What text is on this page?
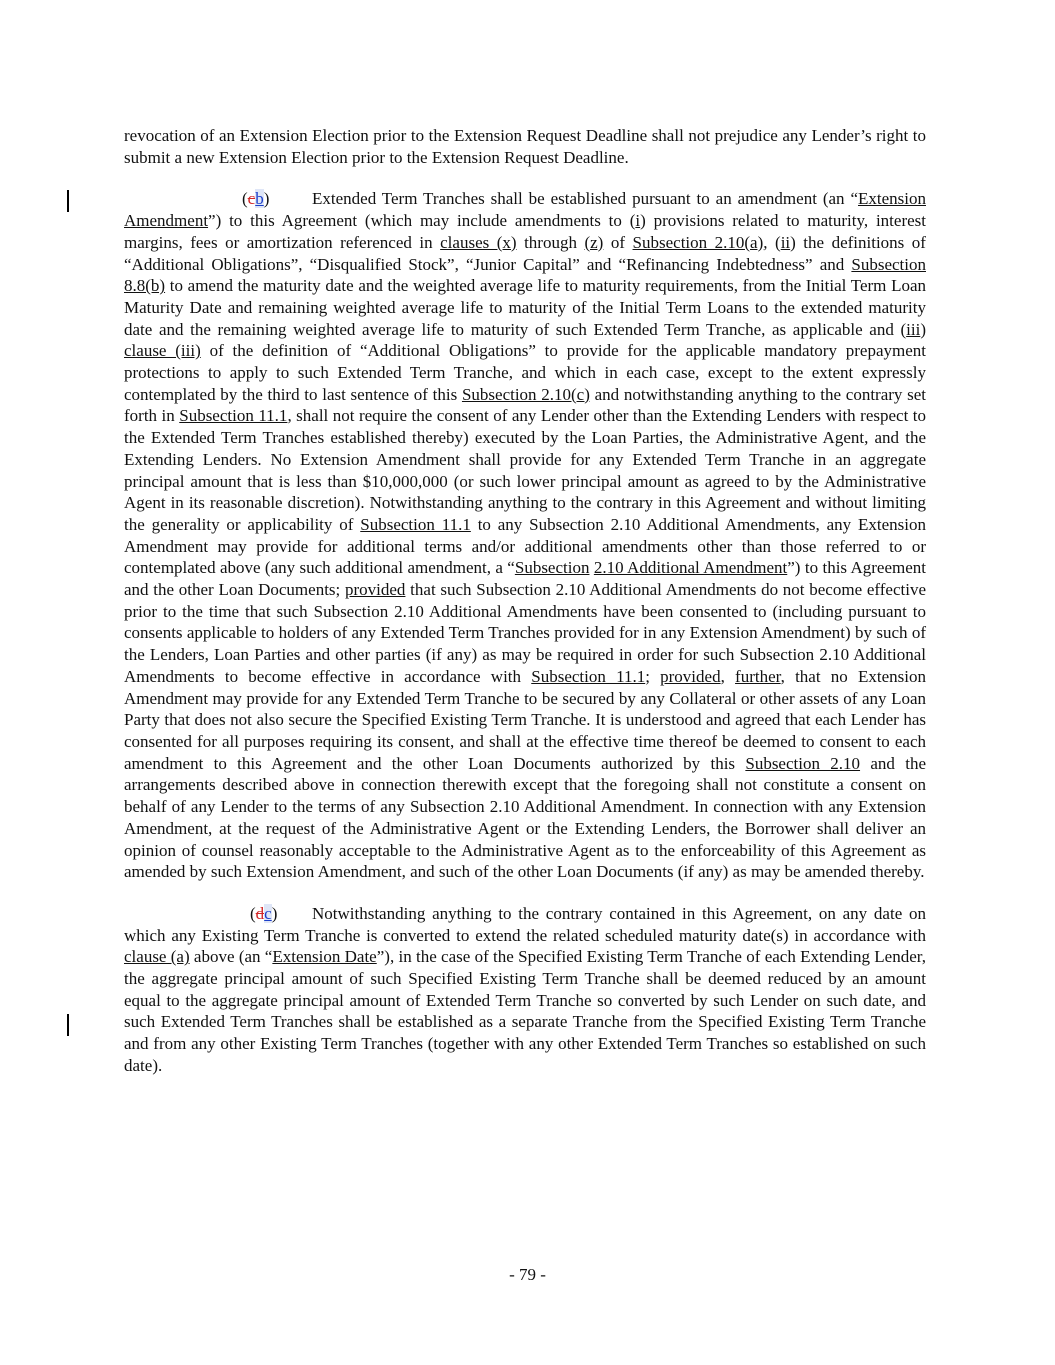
revocation of an Extension Election prior to the Extension Request Deadline shall not prejudice any Lender’s right to submit a new Extension Election prior to the Extension Request Deadline.

(cb)	Extended Term Tranches shall be established pursuant to an amendment (an “Extension Amendment”) to this Agreement (which may include amendments to (i) provisions related to maturity, interest margins, fees or amortization referenced in clauses (x) through (z) of Subsection 2.10(a), (ii) the definitions of “Additional Obligations”, “Disqualified Stock”, “Junior Capital” and “Refinancing Indebtedness” and Subsection 8.8(b) to amend the maturity date and the weighted average life to maturity requirements, from the Initial Term Loan Maturity Date and remaining weighted average life to maturity of the Initial Term Loans to the extended maturity date and the remaining weighted average life to maturity of such Extended Term Tranche, as applicable and (iii) clause (iii) of the definition of “Additional Obligations” to provide for the applicable mandatory prepayment protections to apply to such Extended Term Tranche, and which in each case, except to the extent expressly contemplated by the third to last sentence of this Subsection 2.10(c) and notwithstanding anything to the contrary set forth in Subsection 11.1, shall not require the consent of any Lender other than the Extending Lenders with respect to the Extended Term Tranches established thereby) executed by the Loan Parties, the Administrative Agent, and the Extending Lenders. No Extension Amendment shall provide for any Extended Term Tranche in an aggregate principal amount that is less than $10,000,000 (or such lower principal amount as agreed to by the Administrative Agent in its reasonable discretion). Notwithstanding anything to the contrary in this Agreement and without limiting the generality or applicability of Subsection 11.1 to any Subsection 2.10 Additional Amendments, any Extension Amendment may provide for additional terms and/or additional amendments other than those referred to or contemplated above (any such additional amendment, a “Subsection 2.10 Additional Amendment”) to this Agreement and the other Loan Documents; provided that such Subsection 2.10 Additional Amendments do not become effective prior to the time that such Subsection 2.10 Additional Amendments have been consented to (including pursuant to consents applicable to holders of any Extended Term Tranches provided for in any Extension Amendment) by such of the Lenders, Loan Parties and other parties (if any) as may be required in order for such Subsection 2.10 Additional Amendments to become effective in accordance with Subsection 11.1; provided, further, that no Extension Amendment may provide for any Extended Term Tranche to be secured by any Collateral or other assets of any Loan Party that does not also secure the Specified Existing Term Tranche. It is understood and agreed that each Lender has consented for all purposes requiring its consent, and shall at the effective time thereof be deemed to consent to each amendment to this Agreement and the other Loan Documents authorized by this Subsection 2.10 and the arrangements described above in connection therewith except that the foregoing shall not constitute a consent on behalf of any Lender to the terms of any Subsection 2.10 Additional Amendment. In connection with any Extension Amendment, at the request of the Administrative Agent or the Extending Lenders, the Borrower shall deliver an opinion of counsel reasonably acceptable to the Administrative Agent as to the enforceability of this Agreement as amended by such Extension Amendment, and such of the other Loan Documents (if any) as may be amended thereby.

(dc) Notwithstanding anything to the contrary contained in this Agreement, on any date on which any Existing Term Tranche is converted to extend the related scheduled maturity date(s) in accordance with clause (a) above (an “Extension Date”), in the case of the Specified Existing Term Tranche of each Extending Lender, the aggregate principal amount of such Specified Existing Term Tranche shall be deemed reduced by an amount equal to the aggregate principal amount of Extended Term Tranche so converted by such Lender on such date, and such Extended Term Tranches shall be established as a separate Tranche from the Specified Existing Term Tranche and from any other Existing Term Tranches (together with any other Extended Term Tranches so established on such date).

- 79 -
